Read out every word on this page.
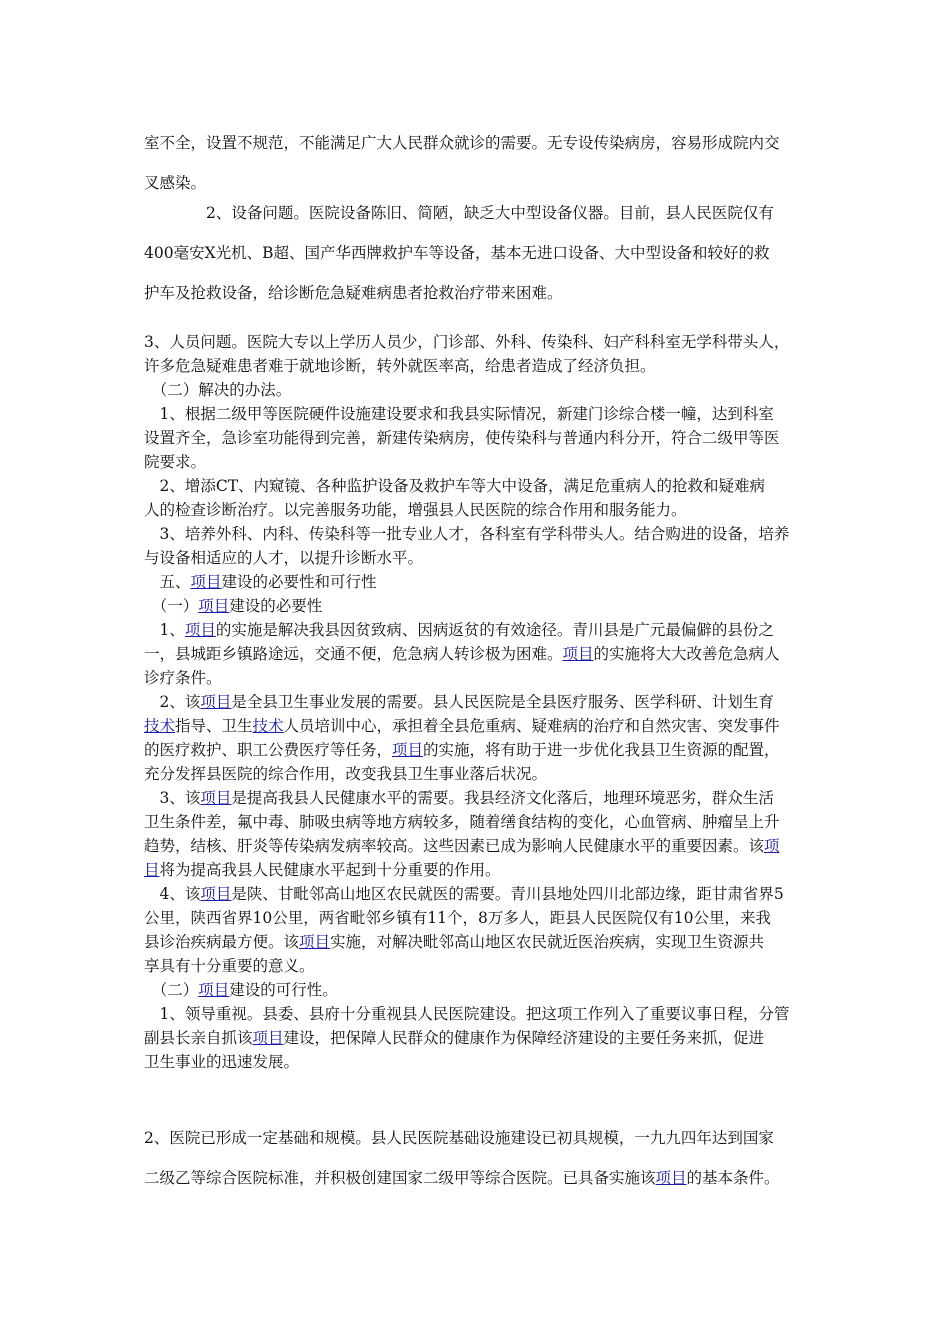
室不全，设置不规范，不能满足广大人民群众就诊的需要。无专设传染病房，容易形成院内交
叉感染。
　　　　2、设备问题。医院设备陈旧、简陋，缺乏大中型设备仪器。目前，县人民医院仅有
400毫安X光机、B超、国产华西牌救护车等设备，基本无进口设备、大中型设备和较好的救
护车及抢救设备，给诊断危急疑难病患者抢救治疗带来困难。
3、人员问题。医院大专以上学历人员少，门诊部、外科、传染科、妇产科科室无学科带头人，
许多危急疑难患者难于就地诊断，转外就医率高，给患者造成了经济负担。
　（二）解决的办法。
　1、根据二级甲等医院硬件设施建设要求和我县实际情况，新建门诊综合楼一幢，达到科室
设置齐全，急诊室功能得到完善，新建传染病房，使传染科与普通内科分开，符合二级甲等医
院要求。
　2、增添CT、内窥镜、各种监护设备及救护车等大中设备，满足危重病人的抢救和疑难病
人的检查诊断治疗。以完善服务功能，增强县人民医院的综合作用和服务能力。
　3、培养外科、内科、传染科等一批专业人才，各科室有学科带头人。结合购进的设备，培养
与设备相适应的人才，以提升诊断水平。
　五、项目建设的必要性和可行性
　（一）项目建设的必要性
　1、项目的实施是解决我县因贫致病、因病返贫的有效途径。青川县是广元最偏僻的县份之
一，县城距乡镇路途远，交通不便，危急病人转诊极为困难。项目的实施将大大改善危急病人
诊疗条件。
　2、该项目是全县卫生事业发展的需要。县人民医院是全县医疗服务、医学科研、计划生育
技术指导、卫生技术人员培训中心，承担着全县危重病、疑难病的治疗和自然灾害、突发事件
的医疗救护、职工公费医疗等任务，项目的实施，将有助于进一步优化我县卫生资源的配置，
充分发挥县医院的综合作用，改变我县卫生事业落后状况。
　3、该项目是提高我县人民健康水平的需要。我县经济文化落后，地理环境恶劣，群众生活
卫生条件差，氟中毒、肺吸虫病等地方病较多，随着缮食结构的变化，心血管病、肿瘤呈上升
趋势，结核、肝炎等传染病发病率较高。这些因素已成为影响人民健康水平的重要因素。该项
目将为提高我县人民健康水平起到十分重要的作用。
　4、该项目是陕、甘毗邻高山地区农民就医的需要。青川县地处四川北部边缘，距甘肃省界5
公里，陕西省界10公里，两省毗邻乡镇有11个，8万多人，距县人民医院仅有10公里，来我
县诊治疾病最方便。该项目实施，对解决毗邻高山地区农民就近医治疾病，实现卫生资源共
享具有十分重要的意义。
　（二）项目建设的可行性。
　1、领导重视。县委、县府十分重视县人民医院建设。把这项工作列入了重要议事日程，分管
副县长亲自抓该项目建设，把保障人民群众的健康作为保障经济建设的主要任务来抓，促进
卫生事业的迅速发展。
2、医院已形成一定基础和规模。县人民医院基础设施建设已初具规模，一九九四年达到国家
二级乙等综合医院标准，并积极创建国家二级甲等综合医院。已具备实施该项目的基本条件。
